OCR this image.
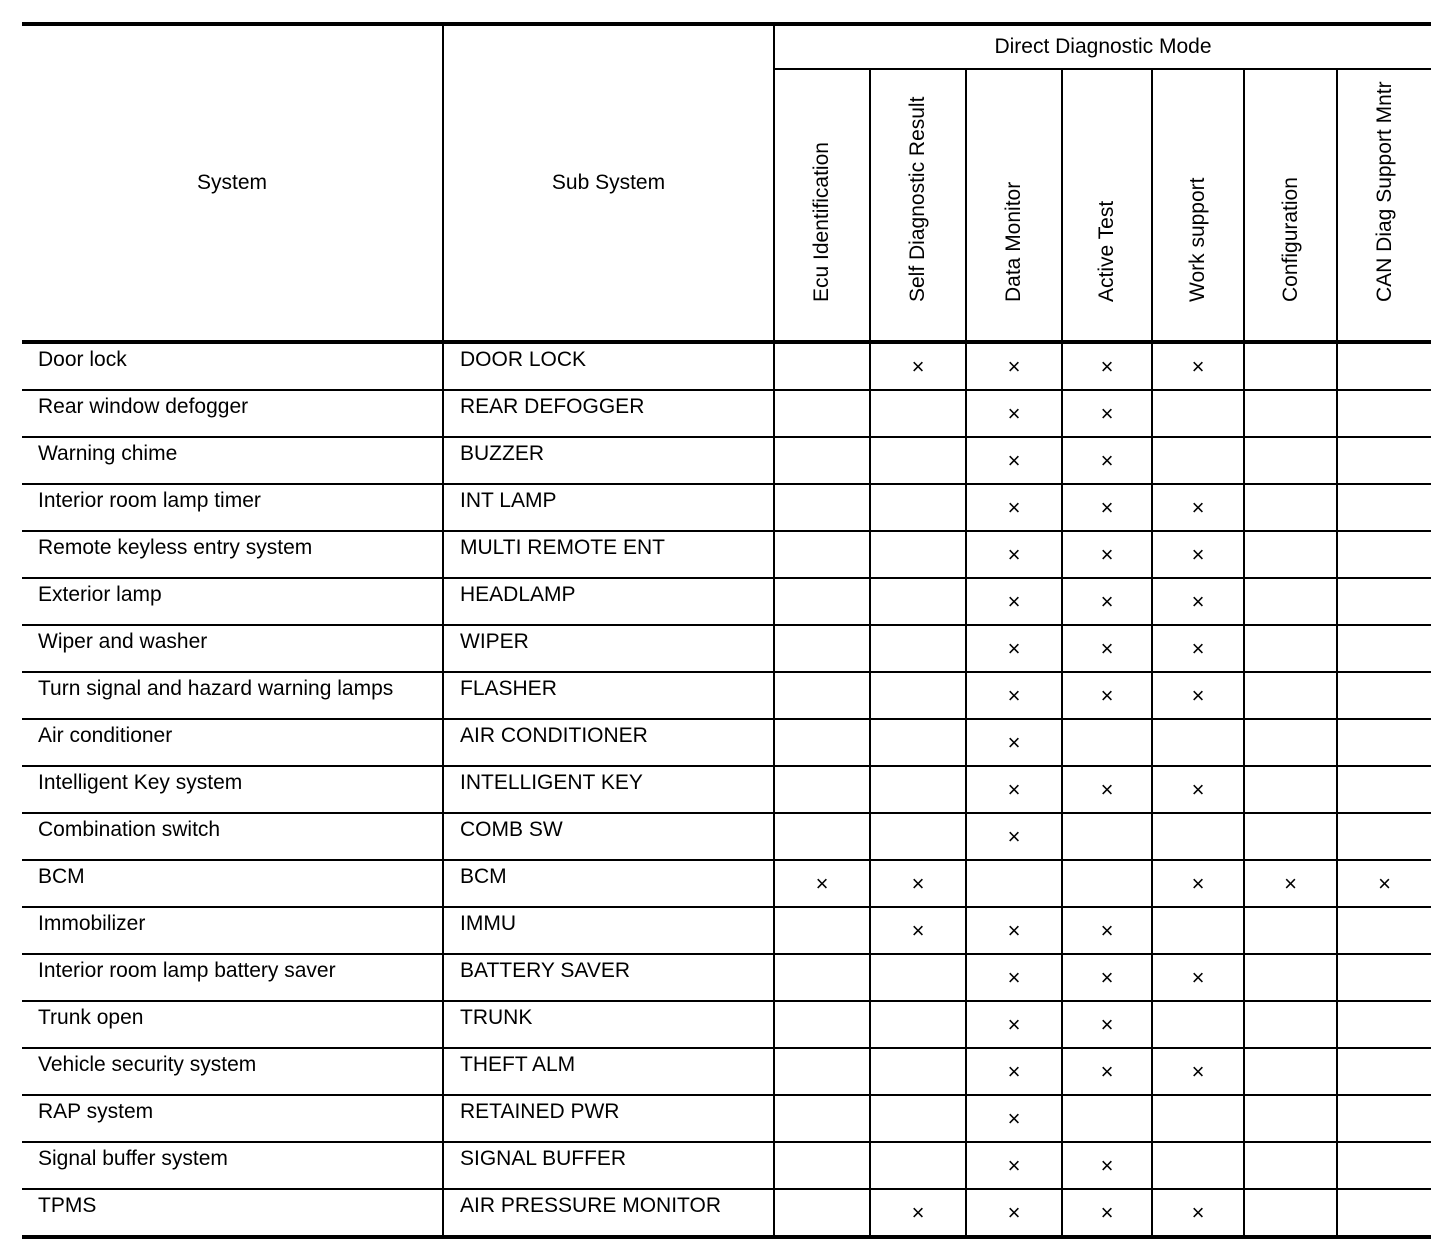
System	Sub System	Direct Diagnostic Mode						

		Ecu Identification	Self Diagnostic Result	Data Monitor	Active Test	Work support	Configuration	CAN Diag Support Mntr

Door lock	DOOR LOCK		×	×	×	×		
Rear window defogger	REAR DEFOGGER			×	×			
Warning chime	BUZZER			×	×			
Interior room lamp timer	INT LAMP			×	×	×		
Remote keyless entry system	MULTI REMOTE ENT			×	×	×		
Exterior lamp	HEADLAMP			×	×	×		
Wiper and washer	WIPER			×	×	×		
Turn signal and hazard warning lamps	FLASHER			×	×	×		
Air conditioner	AIR CONDITIONER			×				
Intelligent Key system	INTELLIGENT KEY			×	×	×		
Combination switch	COMB SW			×				
BCM	BCM	×	×			×	×	×
Immobilizer	IMMU		×	×	×			
Interior room lamp battery saver	BATTERY SAVER			×	×	×		
Trunk open	TRUNK			×	×			
Vehicle security system	THEFT ALM			×	×	×		
RAP system	RETAINED PWR			×				
Signal buffer system	SIGNAL BUFFER			×	×			
TPMS	AIR PRESSURE MONITOR		×	×	×	×		
